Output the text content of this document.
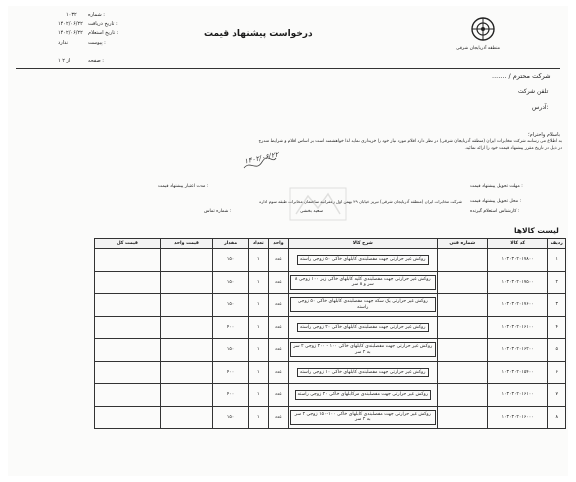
منطقه آذربایجان شرقی
درخواست پیشنهاد قیمت
۱۰۳۲ شماره :
۱۴۰۲/۰۶/۲۲ تاریخ دریافت :
۱۴۰۲/۰۶/۲۲ تاریخ استعلام :
ندارد	پیوست :
۱ از ۲	صفحه :
شرکت محترم / .......
تلفن شرکت
آدرس:
باسلام واحترام؛
به اطلاع می رسانند شرکت مخابرات ایران (منطقه آذربایجان شرقی) در نظر دارد اقلام مورد نیاز خود را خریداری نماید لذا خواهشمند است بر اساس اقلام و شرایط مندرج
در ذیل در تاریخ مقرر پیشنهاد قیمت خود را ارائه نمائید.
۱۴۰۲/۰۶/۲۲
مهلت تحویل پیشنهاد قیمت :
مدت اعتبار پیشنهاد قیمت :
محل تحویل پیشنهاد قیمت :
شرکت مخابرات ایران (منطقه آذربایجان شرقی) تبریز خیابان ۲۹ بهمن اول زعفرانیه ساختمان مخابرات طبقه سوم اداره
کارشناس استعلام گیرنده :
سعید بخشی
شماره تماس :
لیست کالاها
ردیف	کد کالا	شماره فنی	شرح کالا	واحد	تعداد	مقدار	قیمت واحد	قیمت کل
۱	۱۰۳۰۳۰۲۰۱۷۸۰۰		روکش غیر حرارتی جهت مفصلبندی کابلهای خاکی ۵۰ زوجی راسته	عدد	۱	۱۵۰		
۲	۱۰۳۰۳۰۲۰۱۷۵۰۰		روکش غیر حرارتی جهت مفصلبندی کلیه کابلهای خاکی زیر ۱۰۰ زوجی ۸ سر و ۸ سر	عدد	۱	۱۵۰		
۳	۱۰۳۰۳۰۲۰۱۷۶۰۰		روکش غیر حرارتی یک سکه جهت مفصلبندی کابلهای خاکی ۵۰ زوجی راسته	عدد	۱	۱۵۰		
۴	۱۰۳۰۳۰۲۰۱۶۱۰۰		روکش غیر حرارتی جهت مفصلبندی کابلهای خاکی ۲۰ زوجی راسته	عدد	۱	۴۰۰		
۵	۱۰۳۰۳۰۲۰۱۶۲۰۰		روکش غیر حرارتی جهت مفصلبندی کابلهای خاکی ۱۰۰ - ۲۰۰ زوجی ۲ سر به ۲ سر	عدد	۱	۱۵۰		
۶	۱۰۳۰۳۰۲۰۱۵۴۰۰		روکش غیر حرارتی جهت مفصلبندی کابلهای خاکی ۱۰ زوجی راسته	عدد	۱	۴۰۰		
۷	۱۰۳۰۳۰۲۰۱۶۱۰۰		روکش غیر حرارتی جهت مفصلبندی مرکابلهای خاکی ۲۰ زوجی راسته	عدد	۱	۴۰۰		
۸	۱۰۳۰۳۰۲۰۱۶۰۰۰		روکش غیر حرارتی جهت مفصلبندی کابلهای خاکی ۱۰۰-۱۵۰ زوجی ۲ سر به ۲ سر	عدد	۱	۱۵۰		
